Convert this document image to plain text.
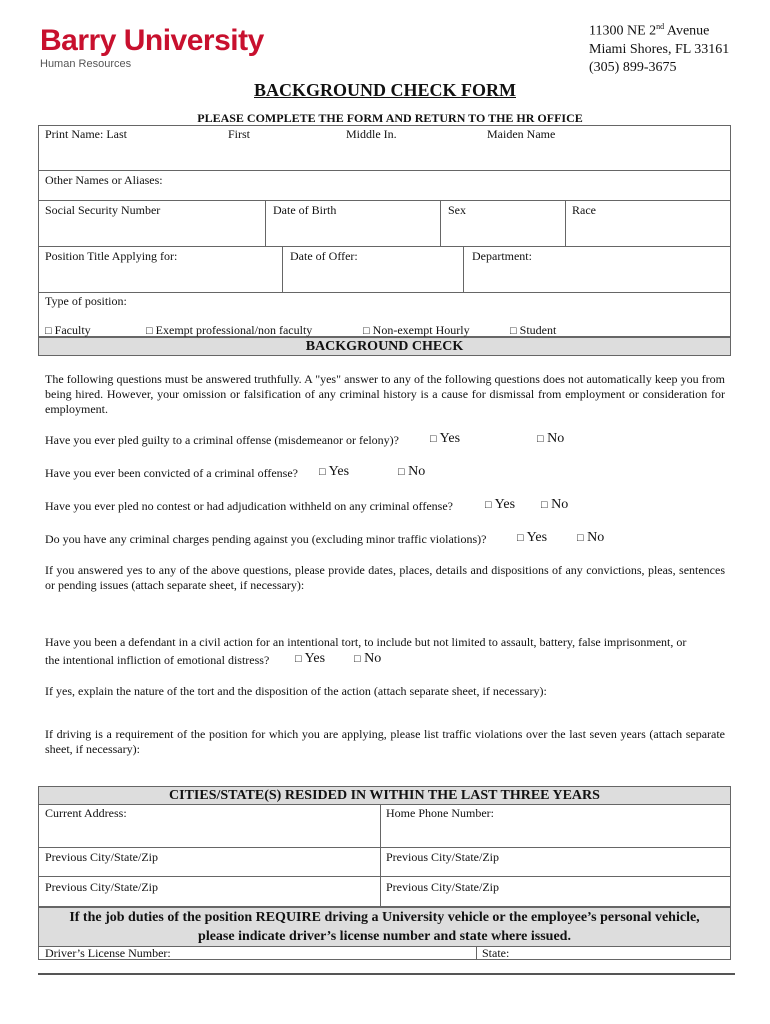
Barry University
Human Resources
11300 NE 2nd Avenue
Miami Shores, FL 33161
(305) 899-3675
BACKGROUND CHECK FORM
PLEASE COMPLETE THE FORM AND RETURN TO THE HR OFFICE
Print Name: Last	First	Middle In.	Maiden Name
Other Names or Aliases:
Social Security Number	Date of Birth	Sex	Race
Position Title Applying for:	Date of Offer:	Department:
Type of position:
□ Faculty	□ Exempt professional/non faculty	□ Non-exempt Hourly	□ Student
BACKGROUND CHECK
The following questions must be answered truthfully. A "yes" answer to any of the following questions does not automatically keep you from being hired. However, your omission or falsification of any criminal history is a cause for dismissal from employment or consideration for employment.
Have you ever pled guilty to a criminal offense (misdemeanor or felony)?	□ Yes	□ No
Have you ever been convicted of a criminal offense? □ Yes	□ No
Have you ever pled no contest or had adjudication withheld on any criminal offense?	□ Yes □ No
Do you have any criminal charges pending against you (excluding minor traffic violations)?	□ Yes	□ No
If you answered yes to any of the above questions, please provide dates, places, details and dispositions of any convictions, pleas, sentences or pending issues (attach separate sheet, if necessary):
Have you been a defendant in a civil action for an intentional tort, to include but not limited to assault, battery, false imprisonment, or
the intentional infliction of emotional distress? □ Yes	□ No
If yes, explain the nature of the tort and the disposition of the action (attach separate sheet, if necessary):
If driving is a requirement of the position for which you are applying, please list traffic violations over the last seven years (attach separate sheet, if necessary):
CITIES/STATE(S) RESIDED IN WITHIN THE LAST THREE YEARS
Current Address:	Home Phone Number:
Previous City/State/Zip	Previous City/State/Zip
Previous City/State/Zip	Previous City/State/Zip
If the job duties of the position REQUIRE driving a University vehicle or the employee’s personal vehicle, please indicate driver’s license number and state where issued.
Driver’s License Number:	State:
